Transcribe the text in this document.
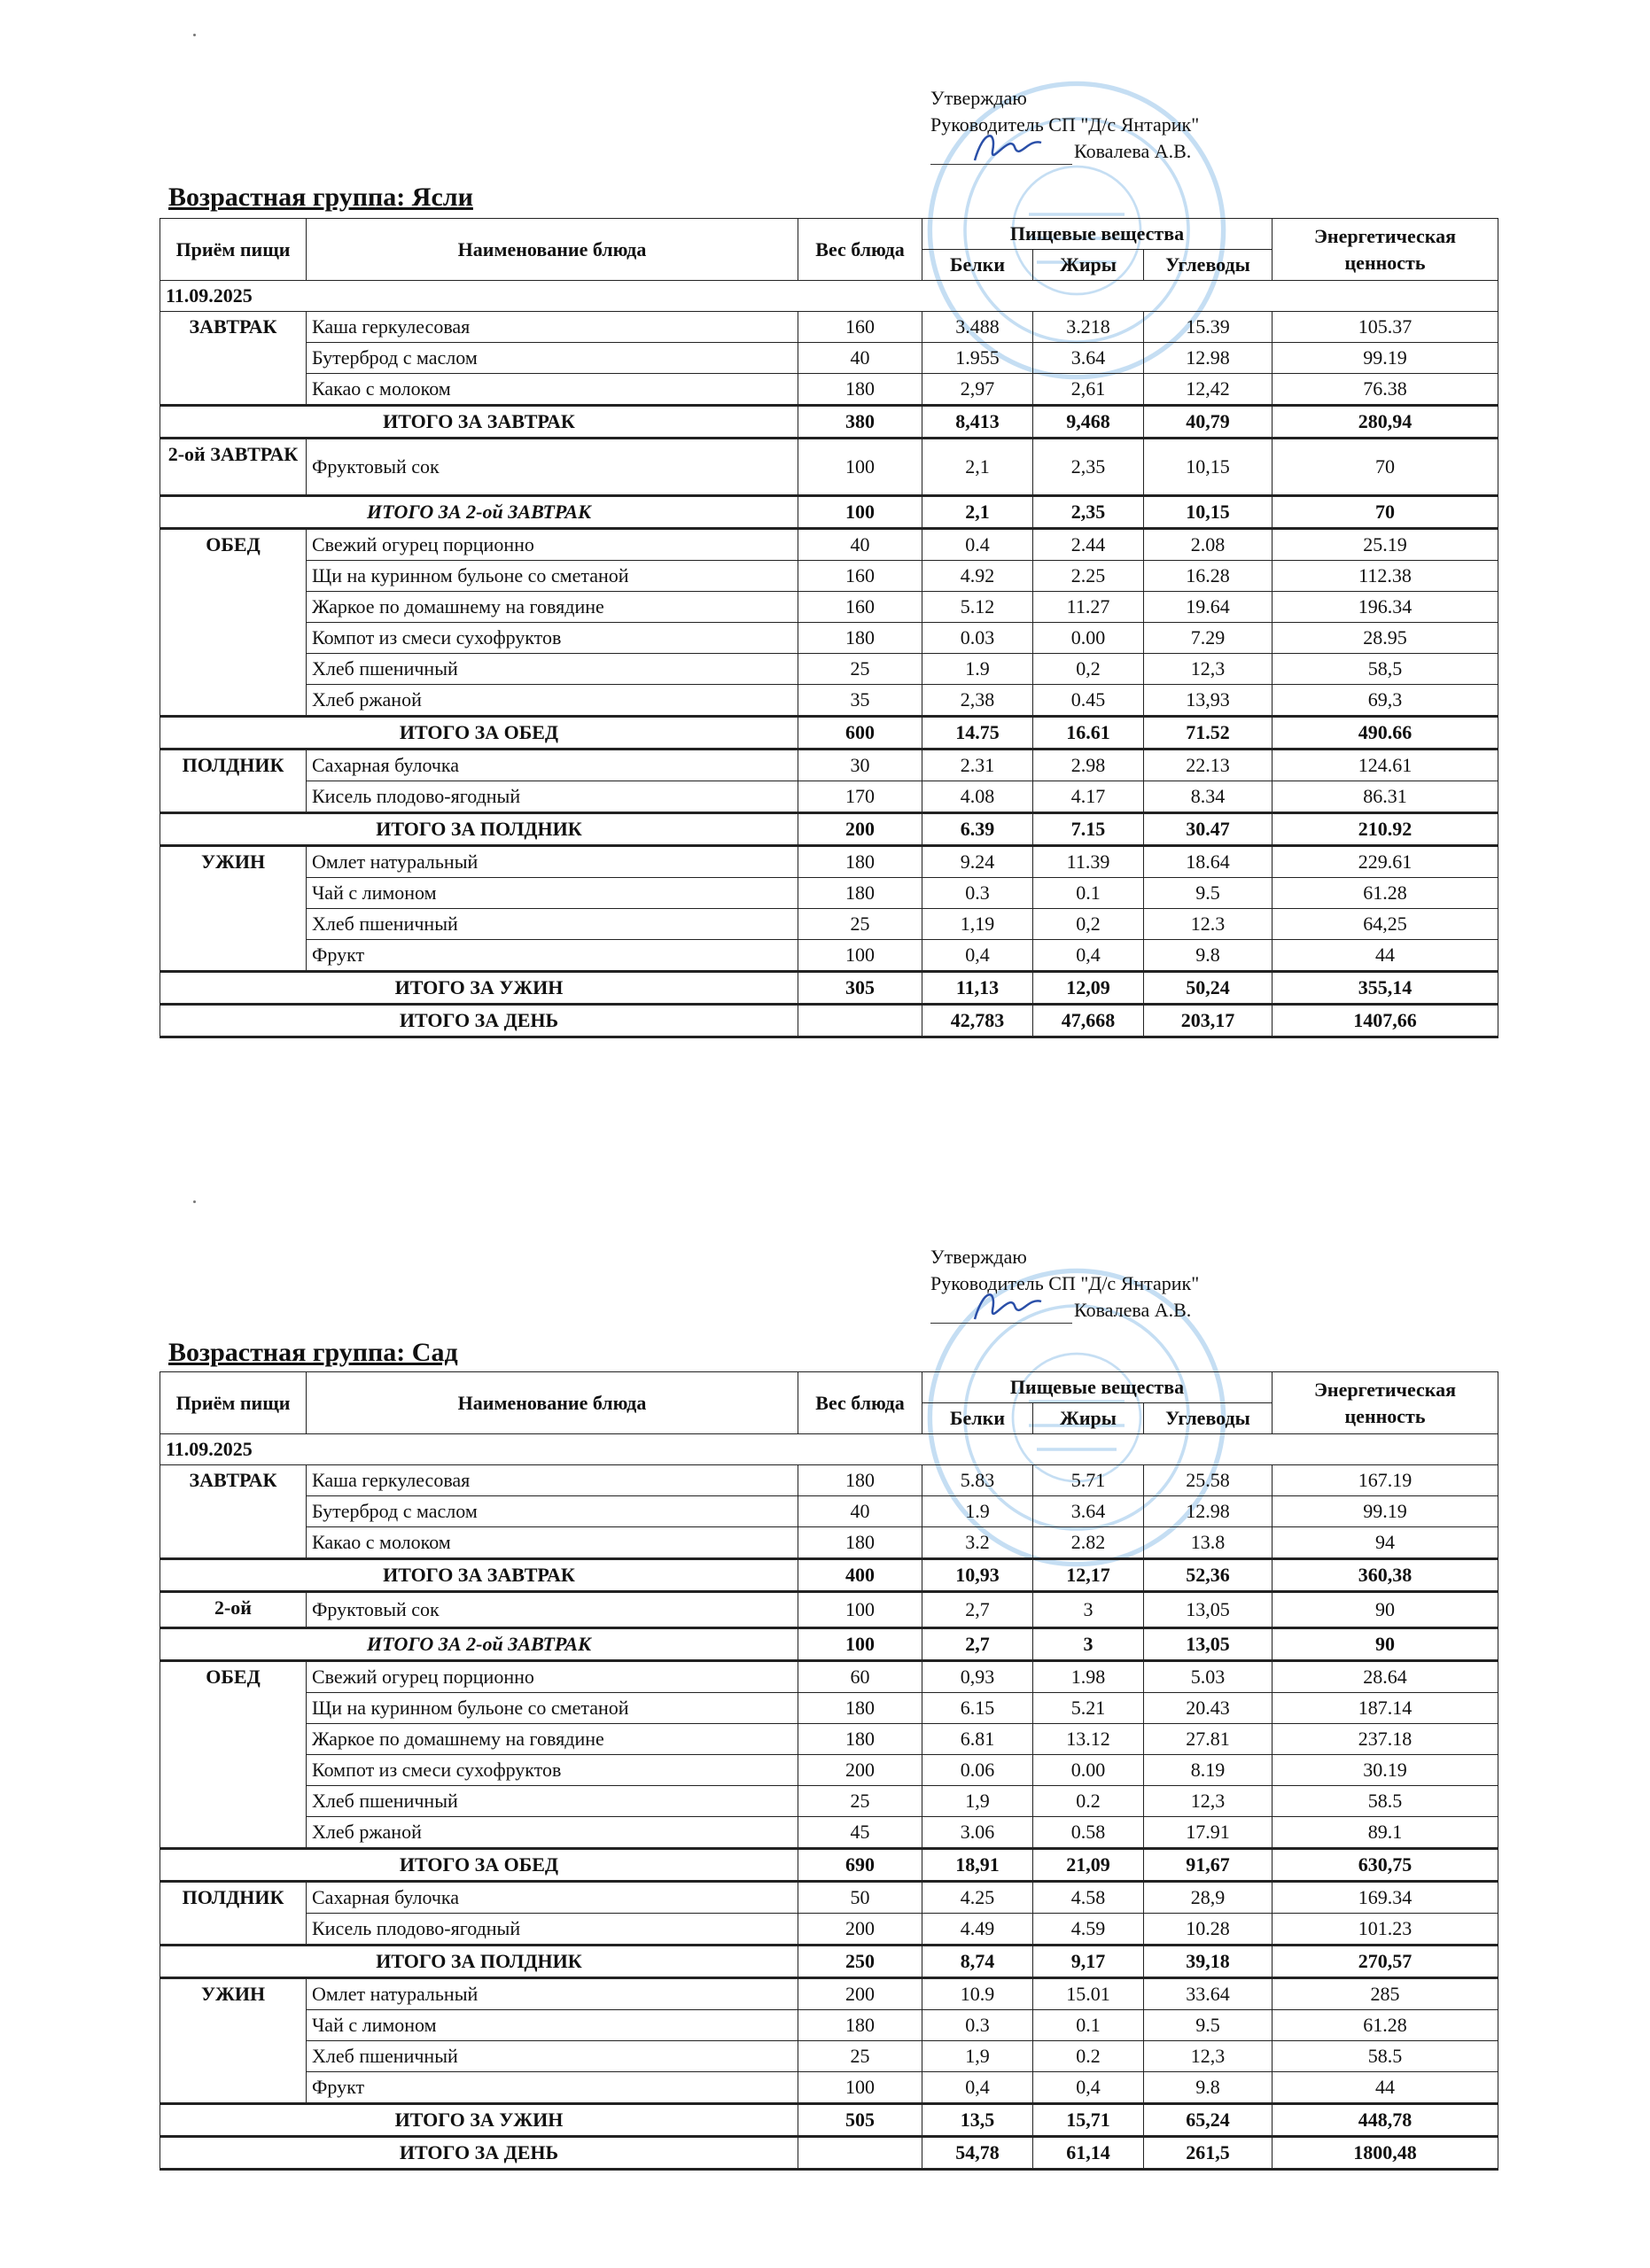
Утверждаю
Руководитель СП "Д/с Янтарик"
Ковалева А.В.
Возрастная группа: Ясли
Приём пищи	Наименование блюда	Вес блюда	Пищевые вещества			Энергетическая ценность
			Белки	Жиры	Углеводы	
11.09.2025						
ЗАВТРАК	Каша геркулесовая	160	3.488	3.218	15.39	105.37
	Бутерброд с маслом	40	1.955	3.64	12.98	99.19
	Какао с молоком	180	2,97	2,61	12,42	76.38
ИТОГО ЗА ЗАВТРАК		380	8,413	9,468	40,79	280,94
2-ой ЗАВТРАК	Фруктовый сок	100	2,1	2,35	10,15	70
ИТОГО ЗА 2-ой ЗАВТРАК		100	2,1	2,35	10,15	70
ОБЕД	Свежий огурец порционно	40	0.4	2.44	2.08	25.19
	Щи на куринном бульоне со сметаной	160	4.92	2.25	16.28	112.38
	Жаркое по домашнему на говядине	160	5.12	11.27	19.64	196.34
	Компот из смеси сухофруктов	180	0.03	0.00	7.29	28.95
	Хлеб пшеничный	25	1.9	0,2	12,3	58,5
	Хлеб ржаной	35	2,38	0.45	13,93	69,3
ИТОГО ЗА ОБЕД		600	14.75	16.61	71.52	490.66
ПОЛДНИК	Сахарная булочка	30	2.31	2.98	22.13	124.61
	Кисель плодово-ягодный	170	4.08	4.17	8.34	86.31
ИТОГО ЗА ПОЛДНИК		200	6.39	7.15	30.47	210.92
УЖИН	Омлет натуральный	180	9.24	11.39	18.64	229.61
	Чай с лимоном	180	0.3	0.1	9.5	61.28
	Хлеб пшеничный	25	1,19	0,2	12.3	64,25
	Фрукт	100	0,4	0,4	9.8	44
ИТОГО ЗА УЖИН		305	11,13	12,09	50,24	355,14
ИТОГО ЗА ДЕНЬ			42,783	47,668	203,17	1407,66
Утверждаю
Руководитель СП "Д/с Янтарик"
Ковалева А.В.
Возрастная группа: Сад
Приём пищи	Наименование блюда	Вес блюда	Пищевые вещества			Энергетическая ценность
			Белки	Жиры	Углеводы	
11.09.2025						
ЗАВТРАК	Каша геркулесовая	180	5.83	5.71	25.58	167.19
	Бутерброд с маслом	40	1.9	3.64	12.98	99.19
	Какао с молоком	180	3.2	2.82	13.8	94
ИТОГО ЗА ЗАВТРАК		400	10,93	12,17	52,36	360,38
2-ой	Фруктовый сок	100	2,7	3	13,05	90
ИТОГО ЗА 2-ой ЗАВТРАК		100	2,7	3	13,05	90
ОБЕД	Свежий огурец порционно	60	0,93	1.98	5.03	28.64
	Щи на куринном бульоне со сметаной	180	6.15	5.21	20.43	187.14
	Жаркое по домашнему на говядине	180	6.81	13.12	27.81	237.18
	Компот из смеси сухофруктов	200	0.06	0.00	8.19	30.19
	Хлеб пшеничный	25	1,9	0.2	12,3	58.5
	Хлеб ржаной	45	3.06	0.58	17.91	89.1
ИТОГО ЗА ОБЕД		690	18,91	21,09	91,67	630,75
ПОЛДНИК	Сахарная булочка	50	4.25	4.58	28,9	169.34
	Кисель плодово-ягодный	200	4.49	4.59	10.28	101.23
ИТОГО ЗА ПОЛДНИК		250	8,74	9,17	39,18	270,57
УЖИН	Омлет натуральный	200	10.9	15.01	33.64	285
	Чай с лимоном	180	0.3	0.1	9.5	61.28
	Хлеб пшеничный	25	1,9	0.2	12,3	58.5
	Фрукт	100	0,4	0,4	9.8	44
ИТОГО ЗА УЖИН		505	13,5	15,71	65,24	448,78
ИТОГО ЗА ДЕНЬ			54,78	61,14	261,5	1800,48
